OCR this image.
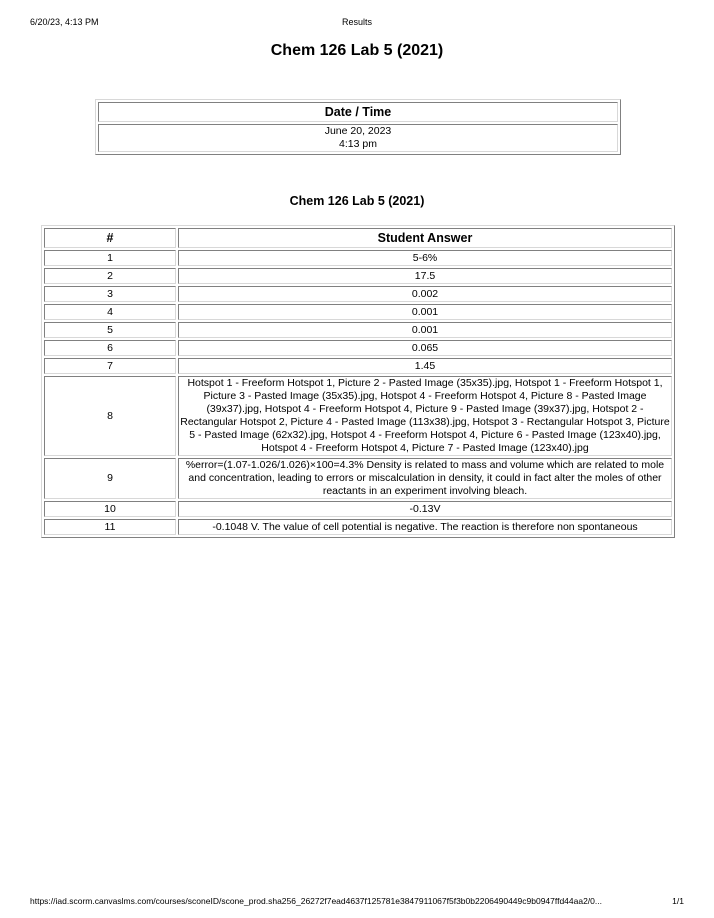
6/20/23, 4:13 PM	Results
Chem 126 Lab 5 (2021)
Date / Time

June 20, 2023
4:13 pm
Chem 126 Lab 5 (2021)
#	Student Answer
1	5-6%
2	17.5
3	0.002
4	0.001
5	0.001
6	0.065
7	1.45
8	Hotspot 1 - Freeform Hotspot 1, Picture 2 - Pasted Image (35x35).jpg, Hotspot 1 - Freeform Hotspot 1, Picture 3 - Pasted Image (35x35).jpg, Hotspot 4 - Freeform Hotspot 4, Picture 8 - Pasted Image (39x37).jpg, Hotspot 4 - Freeform Hotspot 4, Picture 9 - Pasted Image (39x37).jpg, Hotspot 2 - Rectangular Hotspot 2, Picture 4 - Pasted Image (113x38).jpg, Hotspot 3 - Rectangular Hotspot 3, Picture 5 - Pasted Image (62x32).jpg, Hotspot 4 - Freeform Hotspot 4, Picture 6 - Pasted Image (123x40).jpg, Hotspot 4 - Freeform Hotspot 4, Picture 7 - Pasted Image (123x40).jpg
9	%error=(1.07-1.026/1.026)×100=4.3% Density is related to mass and volume which are related to mole and concentration, leading to errors or miscalculation in density, it could in fact alter the moles of other reactants in an experiment involving bleach.
10	-0.13V
11	-0.1048 V. The value of cell potential is negative. The reaction is therefore non spontaneous
https://iad.scorm.canvaslms.com/courses/sconeID/scone_prod.sha256_26272f7ead4637f125781e3847911067f5f3b0b2206490449c9b0947ffd44aa2/0...	1/1
